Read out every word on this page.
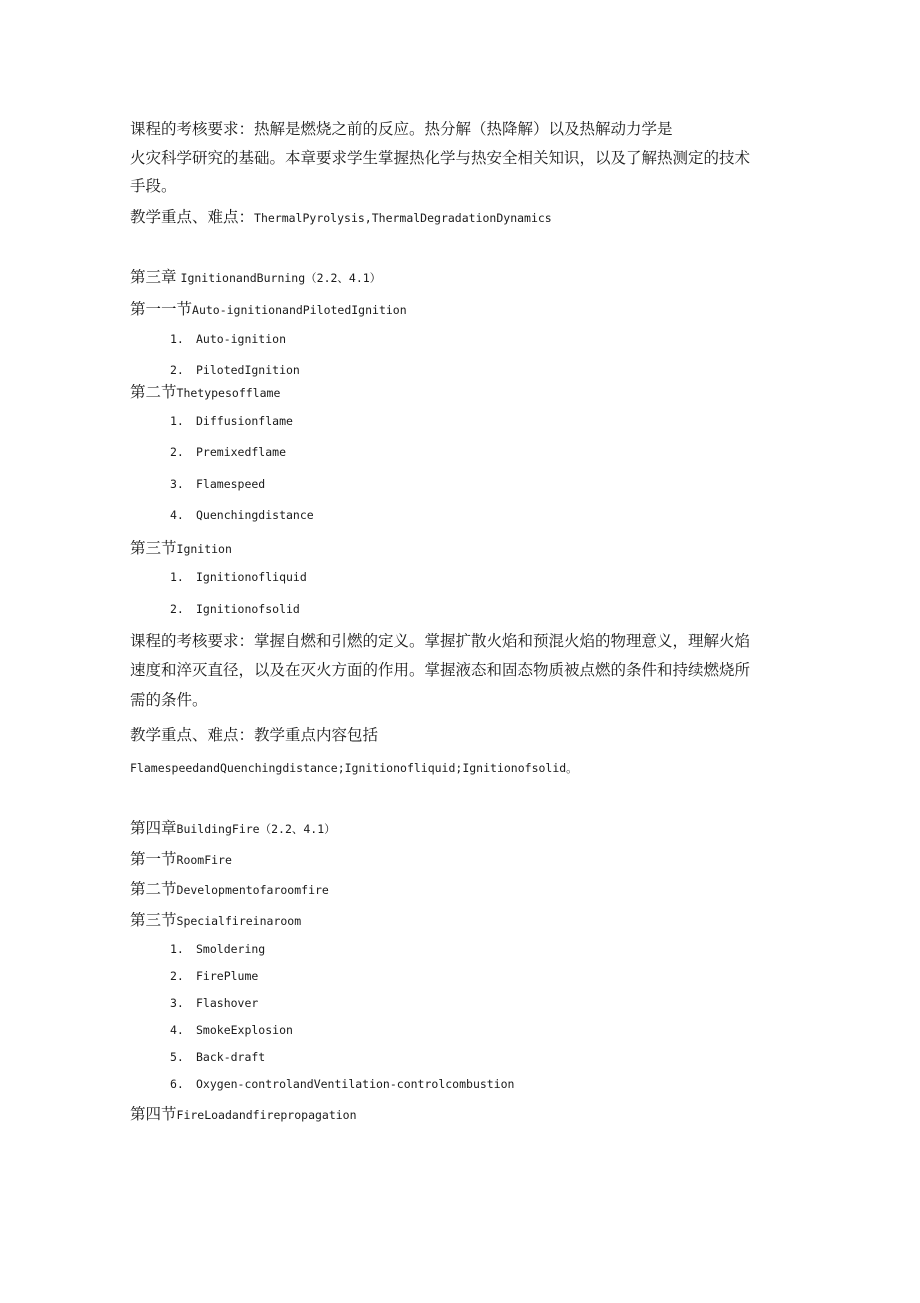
课程的考核要求：热解是燃烧之前的反应。热分解（热降解）以及热解动力学是
火灾科学研究的基础。本章要求学生掌握热化学与热安全相关知识，以及了解热测定的技术
手段。
教学重点、难点：ThermalPyrolysis,ThermalDegradationDynamics
第三章 IgnitionandBurning（2.2、4.1）
第一一节Auto-ignitionandPilotedIgnition
1. Auto-ignition
2. PilotedIgnition
第二节Thetypesofflame
1. Diffusionflame
2. Premixedflame
3. Flamespeed
4. Quenchingdistance
第三节Ignition
1. Ignitionofliquid
2. Ignitionofsolid
课程的考核要求：掌握自燃和引燃的定义。掌握扩散火焰和预混火焰的物理意义，理解火焰
速度和淬灭直径，以及在灭火方面的作用。掌握液态和固态物质被点燃的条件和持续燃烧所
需的条件。
教学重点、难点：教学重点内容包括
FlamespeedandQuenchingdistance;Ignitionofliquid;Ignitionofsolid。
第四章BuildingFire（2.2、4.1）
第一节RoomFire
第二节Developmentofaroomfire
第三节Specialfireinaroom
1. Smoldering
2. FirePlume
3. Flashover
4. SmokeExplosion
5. Back-draft
6. Oxygen-controlandVentilation-controlcombustion
第四节FireLoadandfirepropagation
